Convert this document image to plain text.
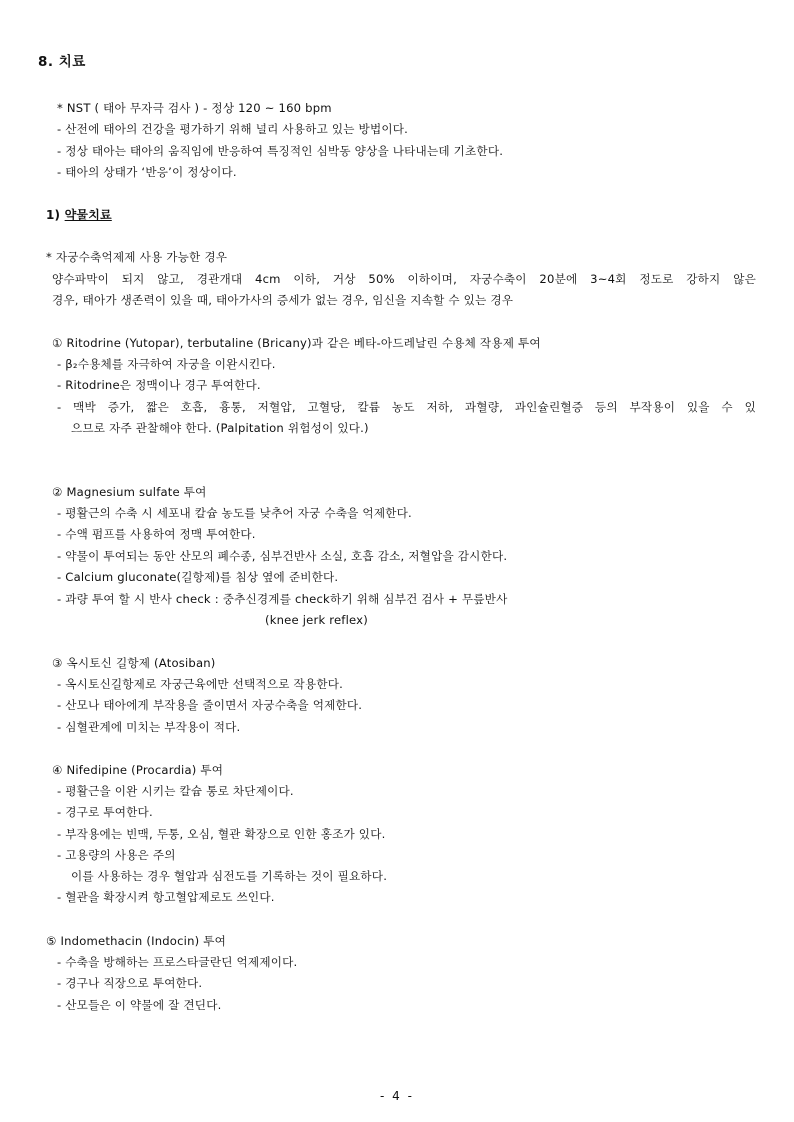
8. 치료
* NST ( 태아 무자극 검사 ) - 정상 120 ~ 160 bpm
- 산전에 태아의 건강을 평가하기 위해 널리 사용하고 있는 방법이다.
- 정상 태아는 태아의 움직임에 반응하여 특징적인 심박동 양상을 나타내는데 기초한다.
- 태아의 상태가 ‘반응’이 정상이다.
1) 약물치료
* 자궁수축억제제 사용 가능한 경우
양수파막이 되지 않고, 경관개대 4cm 이하, 거상 50% 이하이며, 자궁수축이 20분에 3~4회 정도로 강하지 않은
경우, 태아가 생존력이 있을 때, 태아가사의 증세가 없는 경우, 임신을 지속할 수 있는 경우
① Ritodrine (Yutopar), terbutaline (Bricany)과 같은 베타-아드레날린 수용체 작용제 투여
- β₂수용체를 자극하여 자궁을 이완시킨다.
- Ritodrine은 정맥이나 경구 투여한다.
- 맥박 증가, 짧은 호흡, 흉통, 저혈압, 고혈당, 칼륨 농도 저하, 과혈량, 과인슐린혈증 등의 부작용이 있을 수 있
으므로 자주 관찰해야 한다. (Palpitation 위험성이 있다.)
② Magnesium sulfate 투여
- 평활근의 수축 시 세포내 칼슘 농도를 낮추어 자궁 수축을 억제한다.
- 수액 펌프를 사용하여 정맥 투여한다.
- 약물이 투여되는 동안 산모의 폐수종, 심부건반사 소실, 호흡 감소, 저혈압을 감시한다.
- Calcium gluconate(길항제)를 침상 옆에 준비한다.
- 과량 투여 할 시 반사 check : 중추신경계를 check하기 위해 심부건 검사 + 무릎반사
(knee jerk reflex)
③ 옥시토신 길항제 (Atosiban)
- 옥시토신길항제로 자궁근육에만 선택적으로 작용한다.
- 산모나 태아에게 부작용을 줄이면서 자궁수축을 억제한다.
- 심혈관계에 미치는 부작용이 적다.
④ Nifedipine (Procardia) 투여
- 평활근을 이완 시키는 칼슘 통로 차단제이다.
- 경구로 투여한다.
- 부작용에는 빈맥, 두통, 오심, 혈관 확장으로 인한 홍조가 있다.
- 고용량의 사용은 주의
이를 사용하는 경우 혈압과 심전도를 기록하는 것이 필요하다.
- 혈관을 확장시켜 항고혈압제로도 쓰인다.
⑤ Indomethacin (Indocin) 투여
- 수축을 방해하는 프로스타글란딘 억제제이다.
- 경구나 직장으로 투여한다.
- 산모들은 이 약물에 잘 견딘다.
- 4 -
